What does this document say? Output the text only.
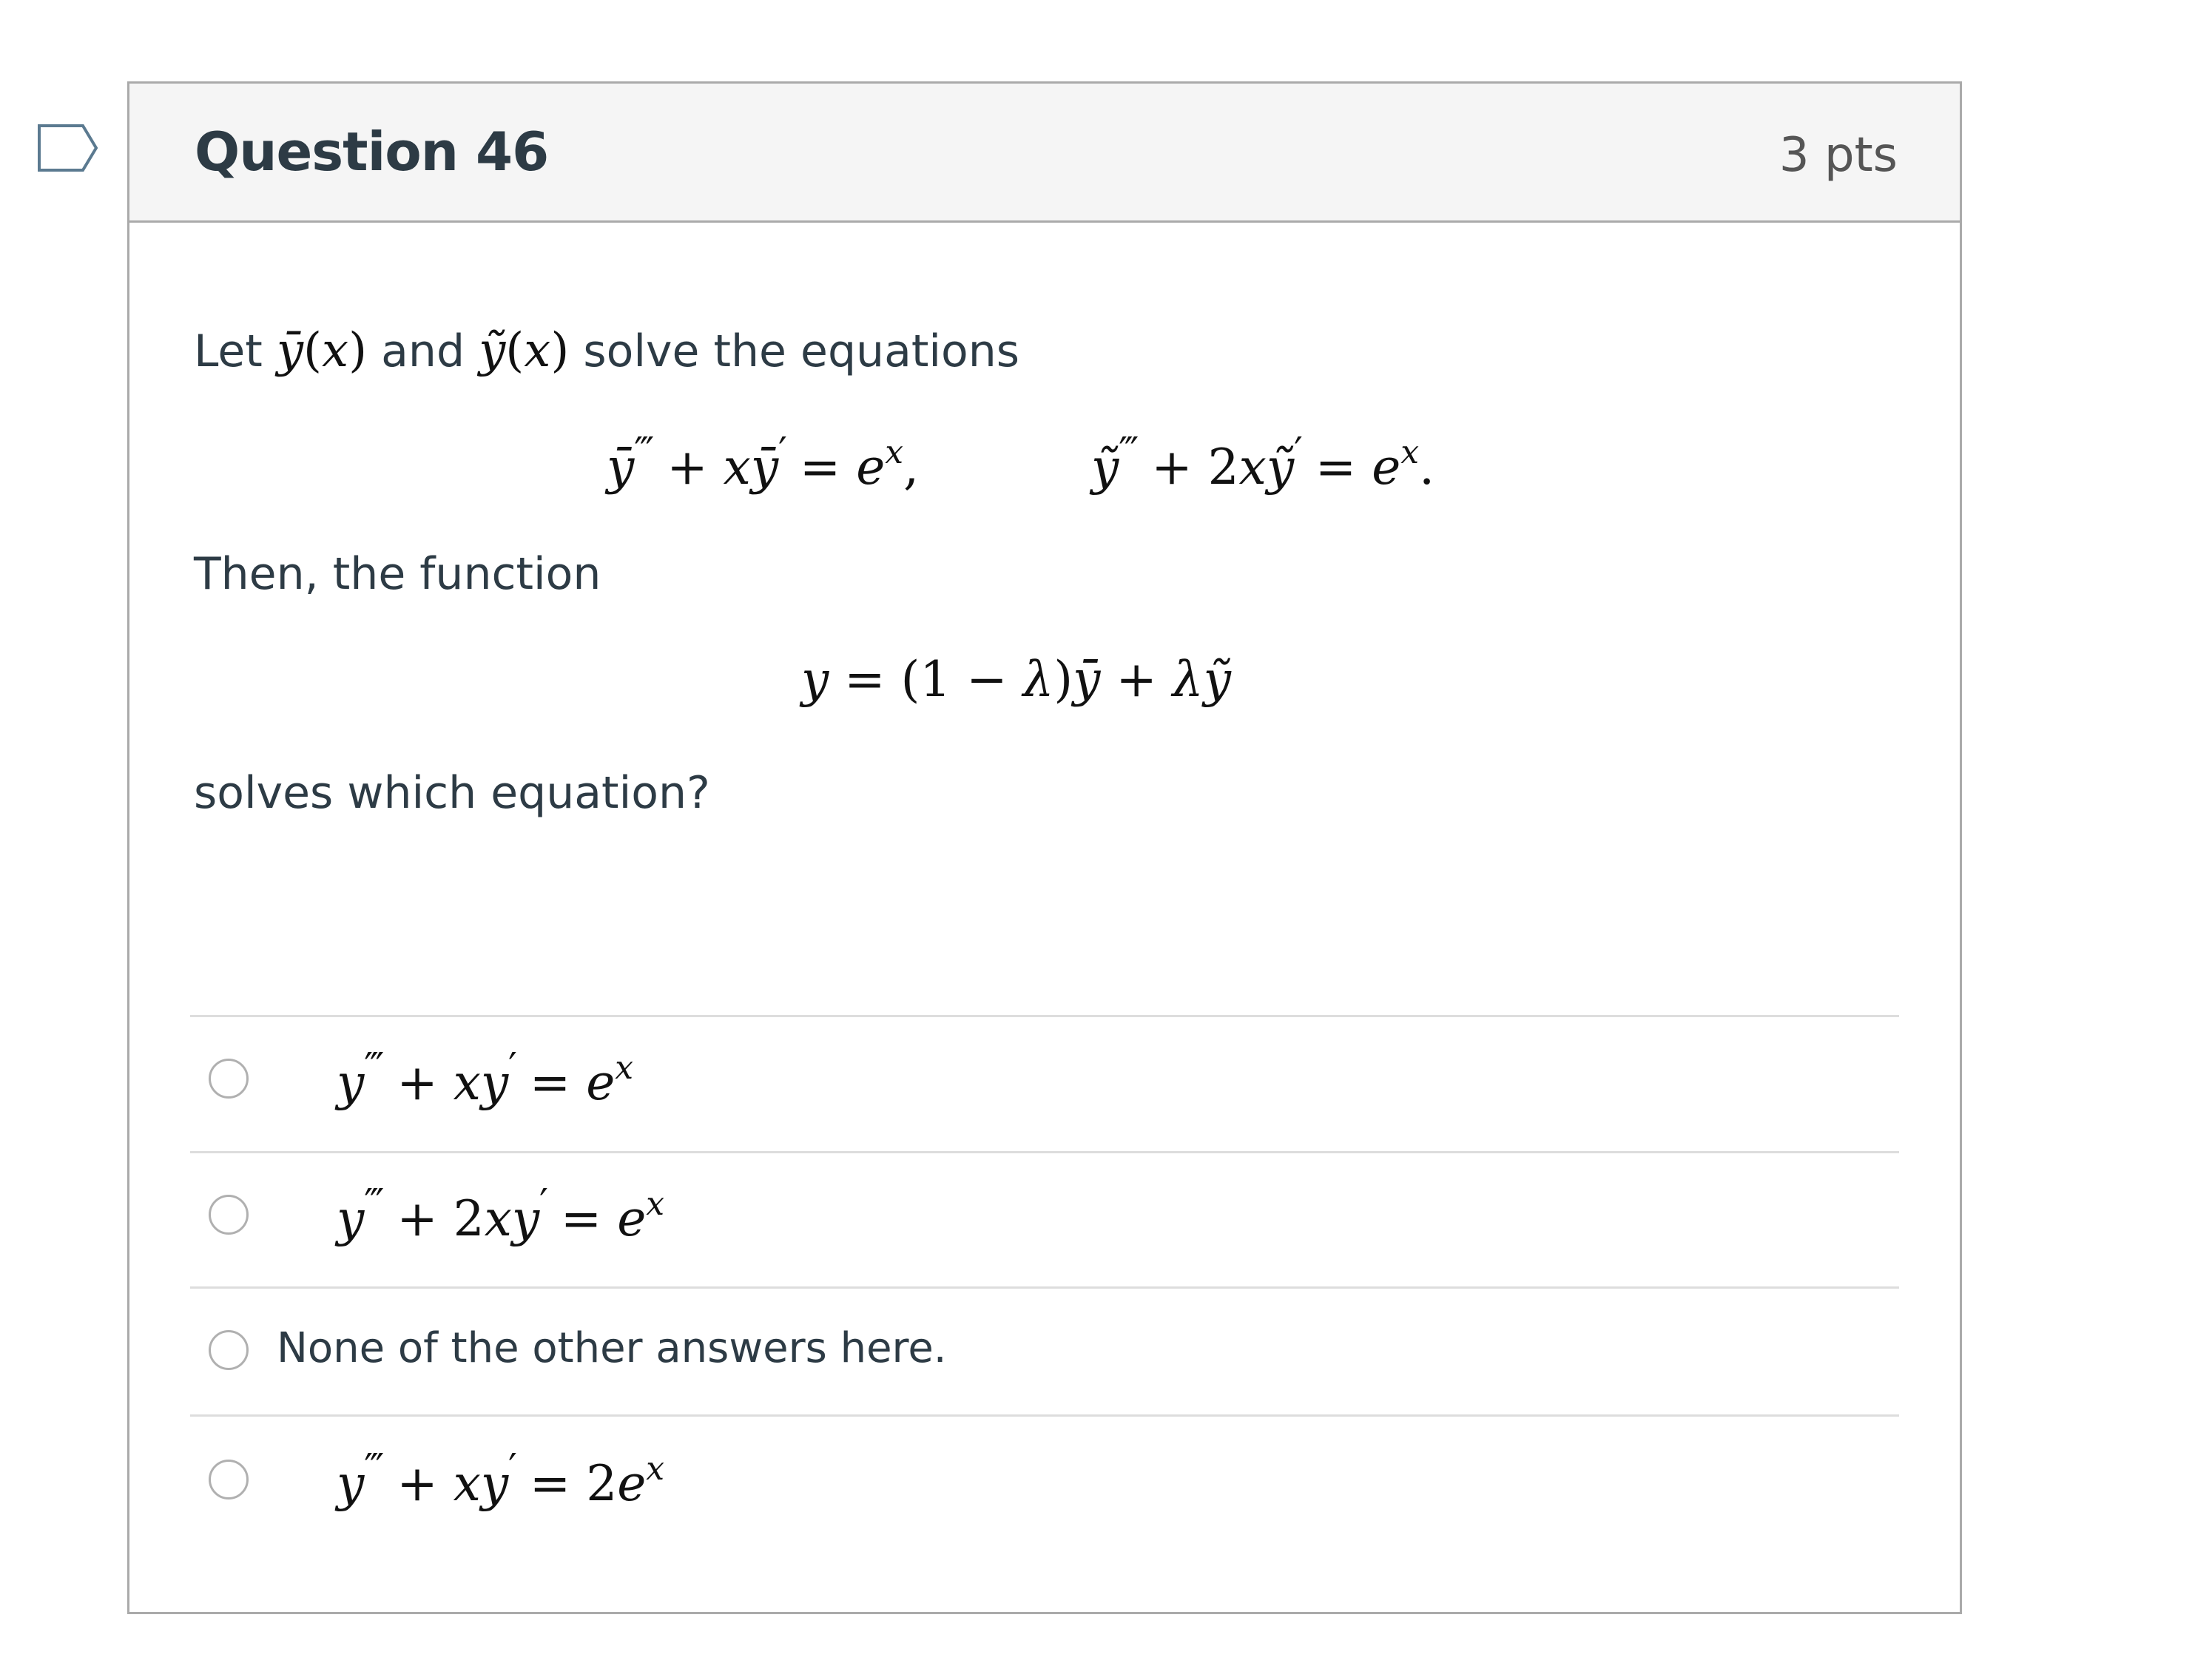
Question 46	3 pts
Let ȳ(x) and ỹ(x) solve the equations
ȳ‴ + xȳ′ = $e^x$,	ỹ‴ + 2xỹ′ = $e^x$.
Then, the function
y = (1 − λ)ȳ + λỹ
solves which equation?
$y^‴ + xy' = e^x$
$y^‴ + 2xy' = e^x$
None of the other answers here.
$y^‴ + xy' = 2e^x$
